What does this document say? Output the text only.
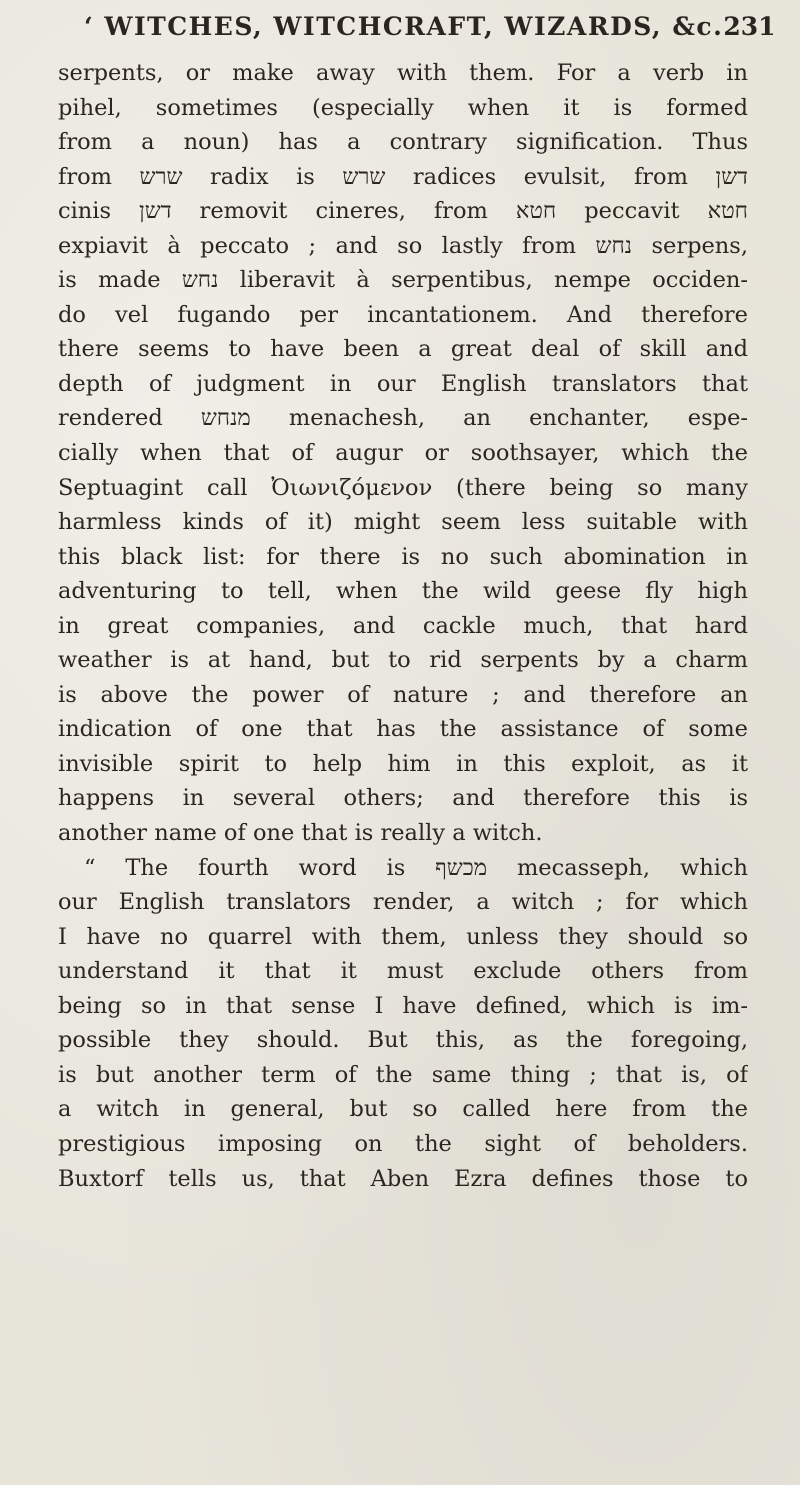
‘ WITCHES, WITCHCRAFT, WIZARDS, &c. 231
serpents, or make away with them. For a verb in
pihel, sometimes (especially when it is formed
from a noun) has a contrary signification. Thus
from שרש radix is שרש radices evulsit, from דשן
cinis דשן removit cineres, from חטא peccavit חטא
expiavit à peccato ; and so lastly from נחש serpens,
is made נחש liberavit à serpentibus, nempe occiden-
do vel fugando per incantationem. And therefore
there seems to have been a great deal of skill and
depth of judgment in our English translators that
rendered מנחש menachesh, an enchanter, espe-
cially when that of augur or soothsayer, which the
Septuagint call Ὀιωνιζόμενον (there being so many
harmless kinds of it) might seem less suitable with
this black list: for there is no such abomination in
adventuring to tell, when the wild geese fly high
in great companies, and cackle much, that hard
weather is at hand, but to rid serpents by a charm
is above the power of nature ; and therefore an
indication of one that has the assistance of some
invisible spirit to help him in this exploit, as it
happens in several others; and therefore this is
another name of one that is really a witch.
“ The fourth word is מכשף mecasseph, which
our English translators render, a witch ; for which
I have no quarrel with them, unless they should so
understand it that it must exclude others from
being so in that sense I have defined, which is im-
possible they should. But this, as the foregoing,
is but another term of the same thing ; that is, of
a witch in general, but so called here from the
prestigious imposing on the sight of beholders.
Buxtorf tells us, that Aben Ezra defines those to
